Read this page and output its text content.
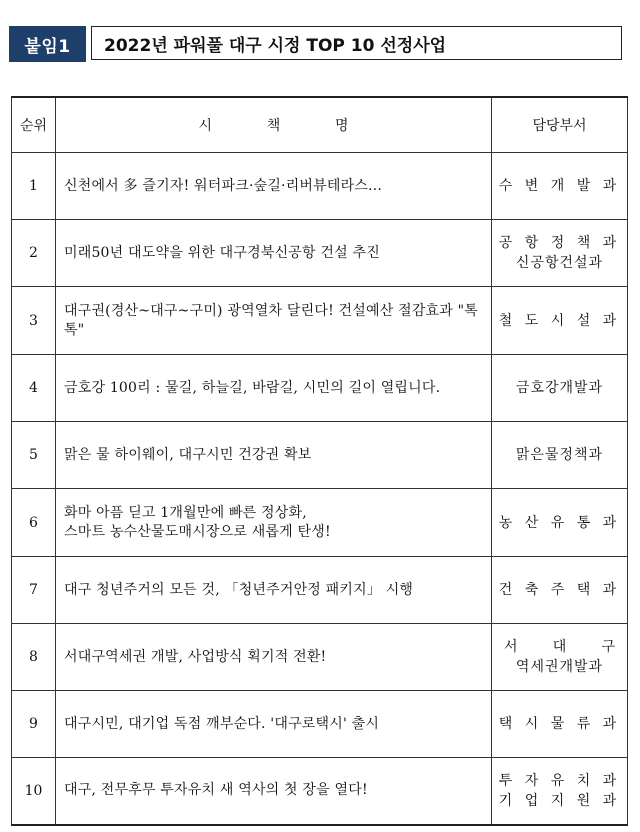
붙임1	2022년 파워풀 대구 시정 TOP 10 선정사업
순위	시 책 명	담당부서
1	신천에서 多 즐기자! 워터파크·숲길·리버뷰테라스...	수 변 개 발 과

2	미래50년 대도약을 위한 대구경북신공항 건설 추진	공 항 정 책 과
신공항건설과

3	대구권(경산~대구~구미) 광역열차 달린다! 건설예산 절감효과 "톡톡"	철 도 시 설 과

4	금호강 100리 : 물길, 하늘길, 바람길, 시민의 길이 열립니다.	금호강개발과

5	맑은 물 하이웨이, 대구시민 건강권 확보	맑은물정책과

6	화마 아픔 딛고 1개월만에 빠른 정상화,
스마트 농수산물도매시장으로 새롭게 탄생!	농 산 유 통 과

7	대구 청년주거의 모든 것, 「청년주거안정 패키지」 시행	건 축 주 택 과

8	서대구역세권 개발, 사업방식 획기적 전환!	서 대 구
역세권개발과

9	대구시민, 대기업 독점 깨부순다. '대구로택시' 출시	택 시 물 류 과

10	대구, 전무후무 투자유치 새 역사의 첫 장을 열다!	투 자 유 치 과
기 업 지 원 과
